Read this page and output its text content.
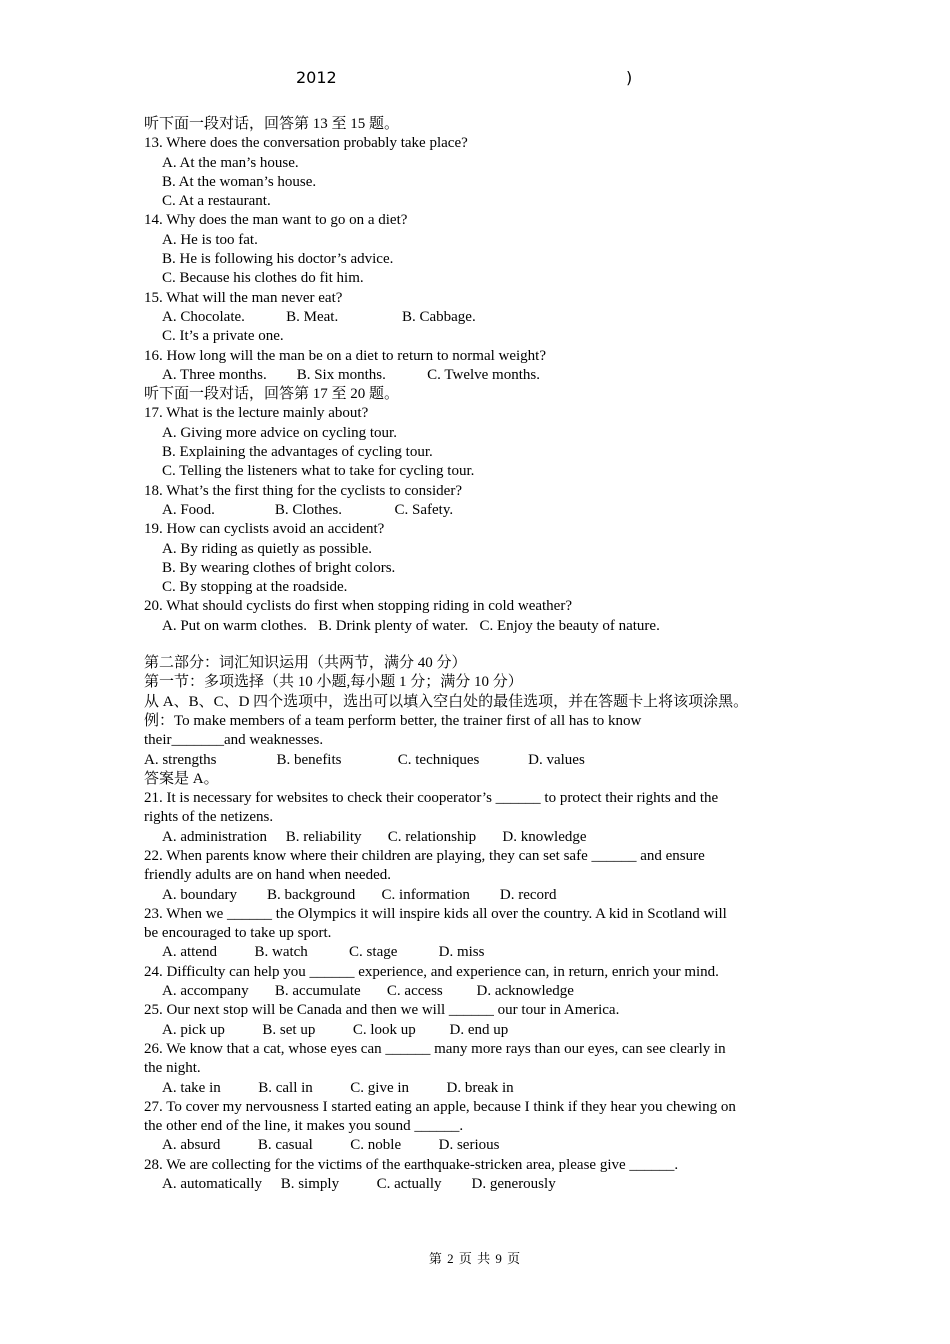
2012	)
听下面一段对话，回答第 13 至 15 题。
13. Where does the conversation probably take place?
A. At the man’s house.
B. At the woman’s house.
C. At a restaurant.
14. Why does the man want to go on a diet?
A. He is too fat.
B. He is following his doctor’s advice.
C. Because his clothes do fit him.
15. What will the man never eat?
A. Chocolate.           B. Meat.                 B. Cabbage.
C. It’s a private one.
16. How long will the man be on a diet to return to normal weight?
A. Three months.        B. Six months.           C. Twelve months.
听下面一段对话，回答第 17 至 20 题。
17. What is the lecture mainly about?
A. Giving more advice on cycling tour.
B. Explaining the advantages of cycling tour.
C. Telling the listeners what to take for cycling tour.
18. What’s the first thing for the cyclists to consider?
A. Food.                B. Clothes.              C. Safety.
19. How can cyclists avoid an accident?
A. By riding as quietly as possible.
B. By wearing clothes of bright colors.
C. By stopping at the roadside.
20. What should cyclists do first when stopping riding in cold weather?
A. Put on warm clothes.   B. Drink plenty of water.   C. Enjoy the beauty of nature.
第二部分：词汇知识运用（共两节，满分 40 分）
第一节：多项选择（共 10 小题,每小题 1 分；满分 10 分）
从 A、B、C、D 四个选项中，选出可以填入空白处的最佳选项，并在答题卡上将该项涂黑。
例：To make members of a team perform better, the trainer first of all has to know
their_______and weaknesses.
A. strengths                B. benefits               C. techniques             D. values
答案是 A。
21. It is necessary for websites to check their cooperator’s ______ to protect their rights and the
rights of the netizens.
A. administration     B. reliability       C. relationship       D. knowledge
22. When parents know where their children are playing, they can set safe ______ and ensure
friendly adults are on hand when needed.
A. boundary        B. background       C. information        D. record
23. When we ______ the Olympics it will inspire kids all over the country. A kid in Scotland will
be encouraged to take up sport.
A. attend          B. watch           C. stage           D. miss
24. Difficulty can help you ______ experience, and experience can, in return, enrich your mind.
A. accompany       B. accumulate       C. access         D. acknowledge
25. Our next stop will be Canada and then we will ______ our tour in America.
A. pick up          B. set up          C. look up         D. end up
26. We know that a cat, whose eyes can ______ many more rays than our eyes, can see clearly in
the night.
A. take in          B. call in          C. give in          D. break in
27. To cover my nervousness I started eating an apple, because I think if they hear you chewing on
the other end of the line, it makes you sound ______.
A. absurd          B. casual          C. noble          D. serious
28. We are collecting for the victims of the earthquake-stricken area, please give ______.
A. automatically     B. simply          C. actually        D. generously
第 2 页 共 9 页
